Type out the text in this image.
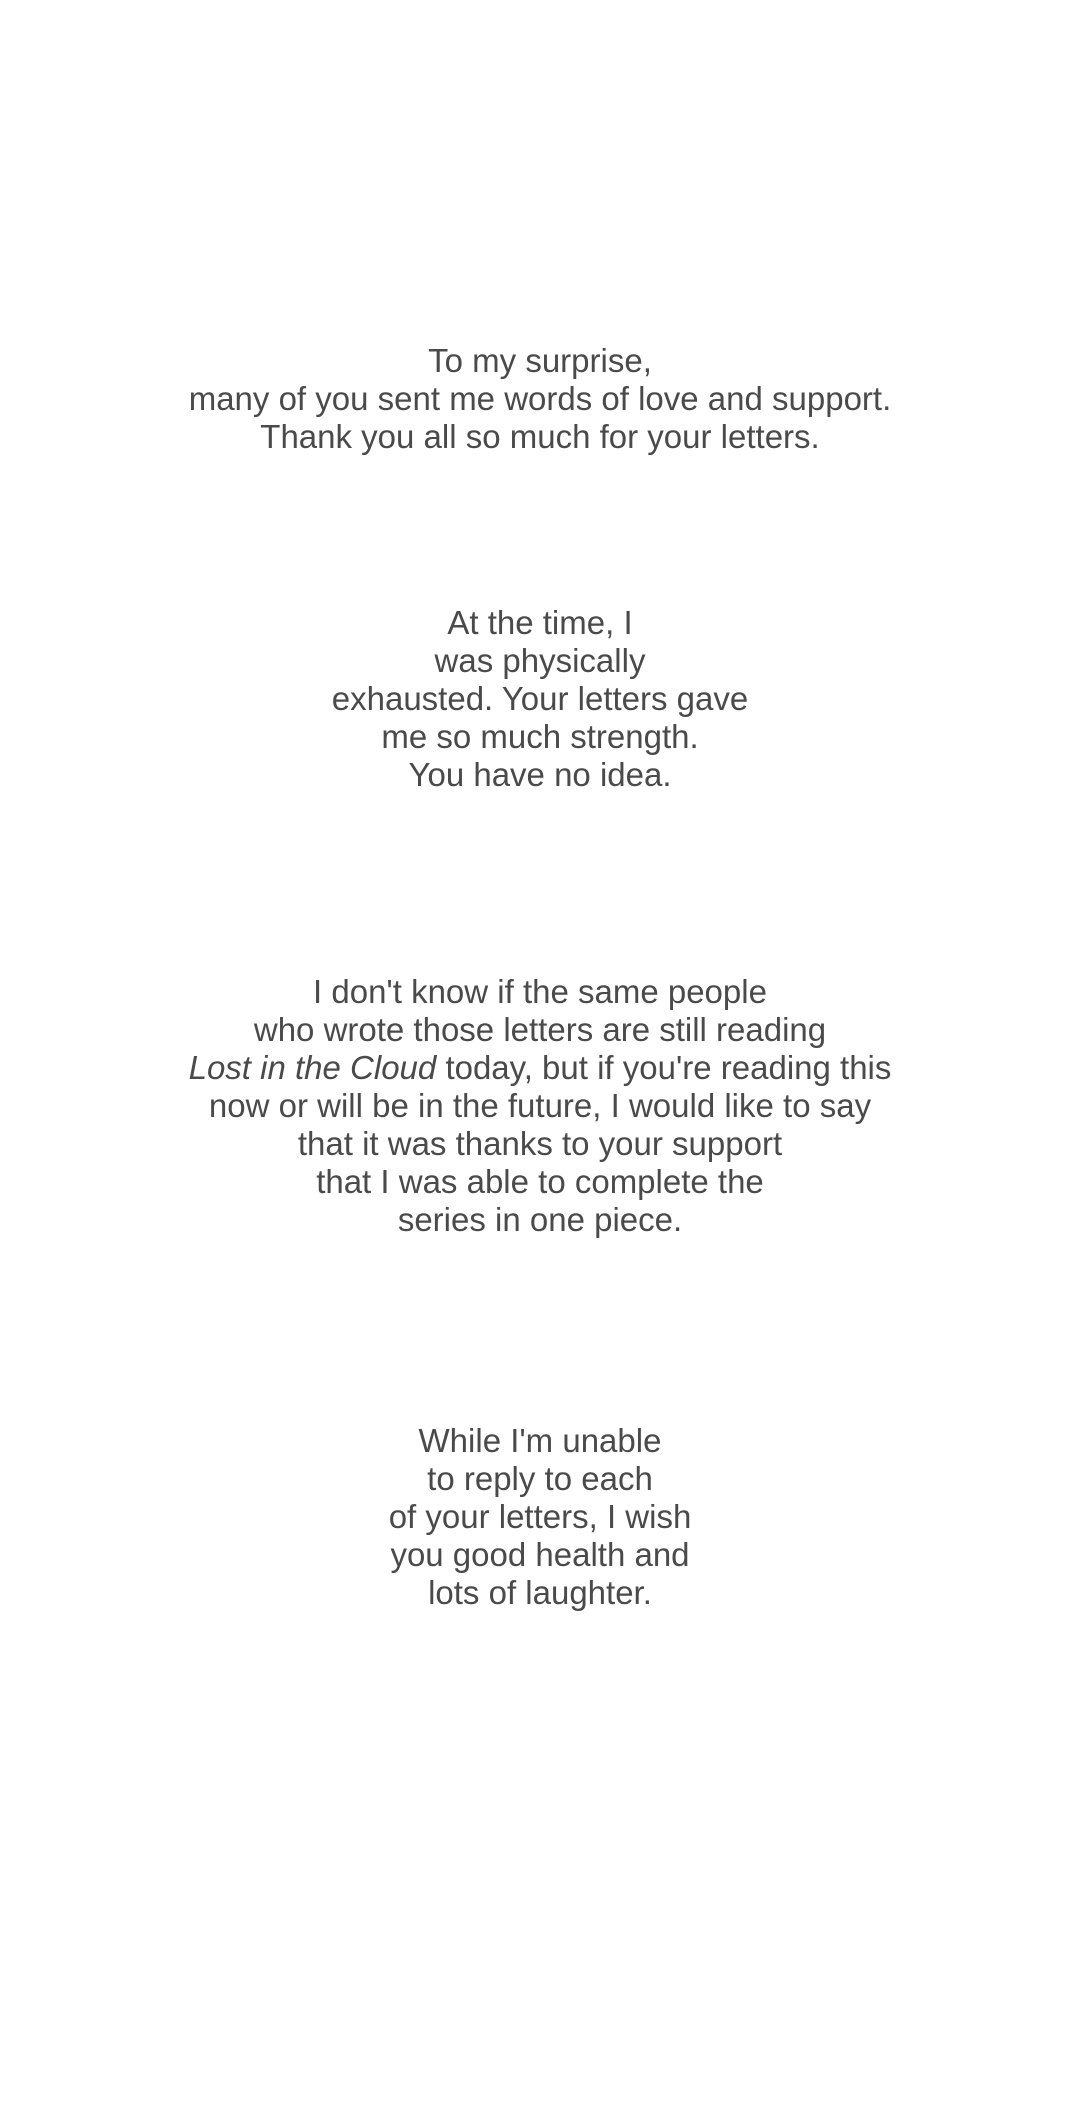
To my surprise,
many of you sent me words of love and support.
Thank you all so much for your letters.
At the time, I
was physically
exhausted. Your letters gave
me so much strength.
You have no idea.
I don't know if the same people
who wrote those letters are still reading
Lost in the Cloud today, but if you're reading this
now or will be in the future, I would like to say
that it was thanks to your support
that I was able to complete the
series in one piece.
While I'm unable
to reply to each
of your letters, I wish
you good health and
lots of laughter.
